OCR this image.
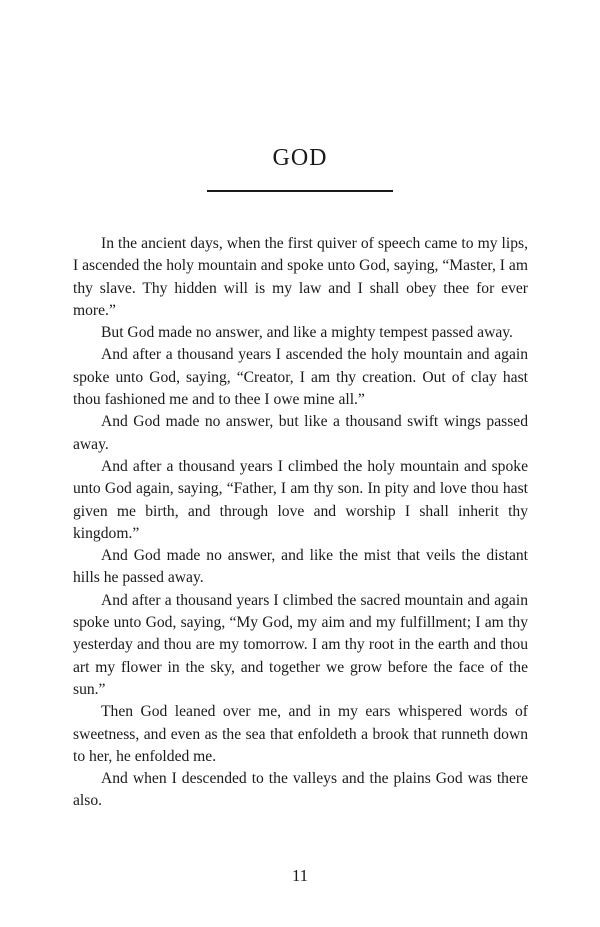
GOD

In the ancient days, when the first quiver of speech came to my lips, I ascended the holy mountain and spoke unto God, saying, “Master, I am thy slave. Thy hidden will is my law and I shall obey thee for ever more.”

But God made no answer, and like a mighty tempest passed away.

And after a thousand years I ascended the holy mountain and again spoke unto God, saying, “Creator, I am thy creation. Out of clay hast thou fashioned me and to thee I owe mine all.”

And God made no answer, but like a thousand swift wings passed away.

And after a thousand years I climbed the holy mountain and spoke unto God again, saying, “Father, I am thy son. In pity and love thou hast given me birth, and through love and worship I shall inherit thy kingdom.”

And God made no answer, and like the mist that veils the distant hills he passed away.

And after a thousand years I climbed the sacred mountain and again spoke unto God, saying, “My God, my aim and my fulfillment; I am thy yesterday and thou are my tomorrow. I am thy root in the earth and thou art my flower in the sky, and together we grow before the face of the sun.”

Then God leaned over me, and in my ears whispered words of sweetness, and even as the sea that enfoldeth a brook that runneth down to her, he enfolded me.

And when I descended to the valleys and the plains God was there also.

11
